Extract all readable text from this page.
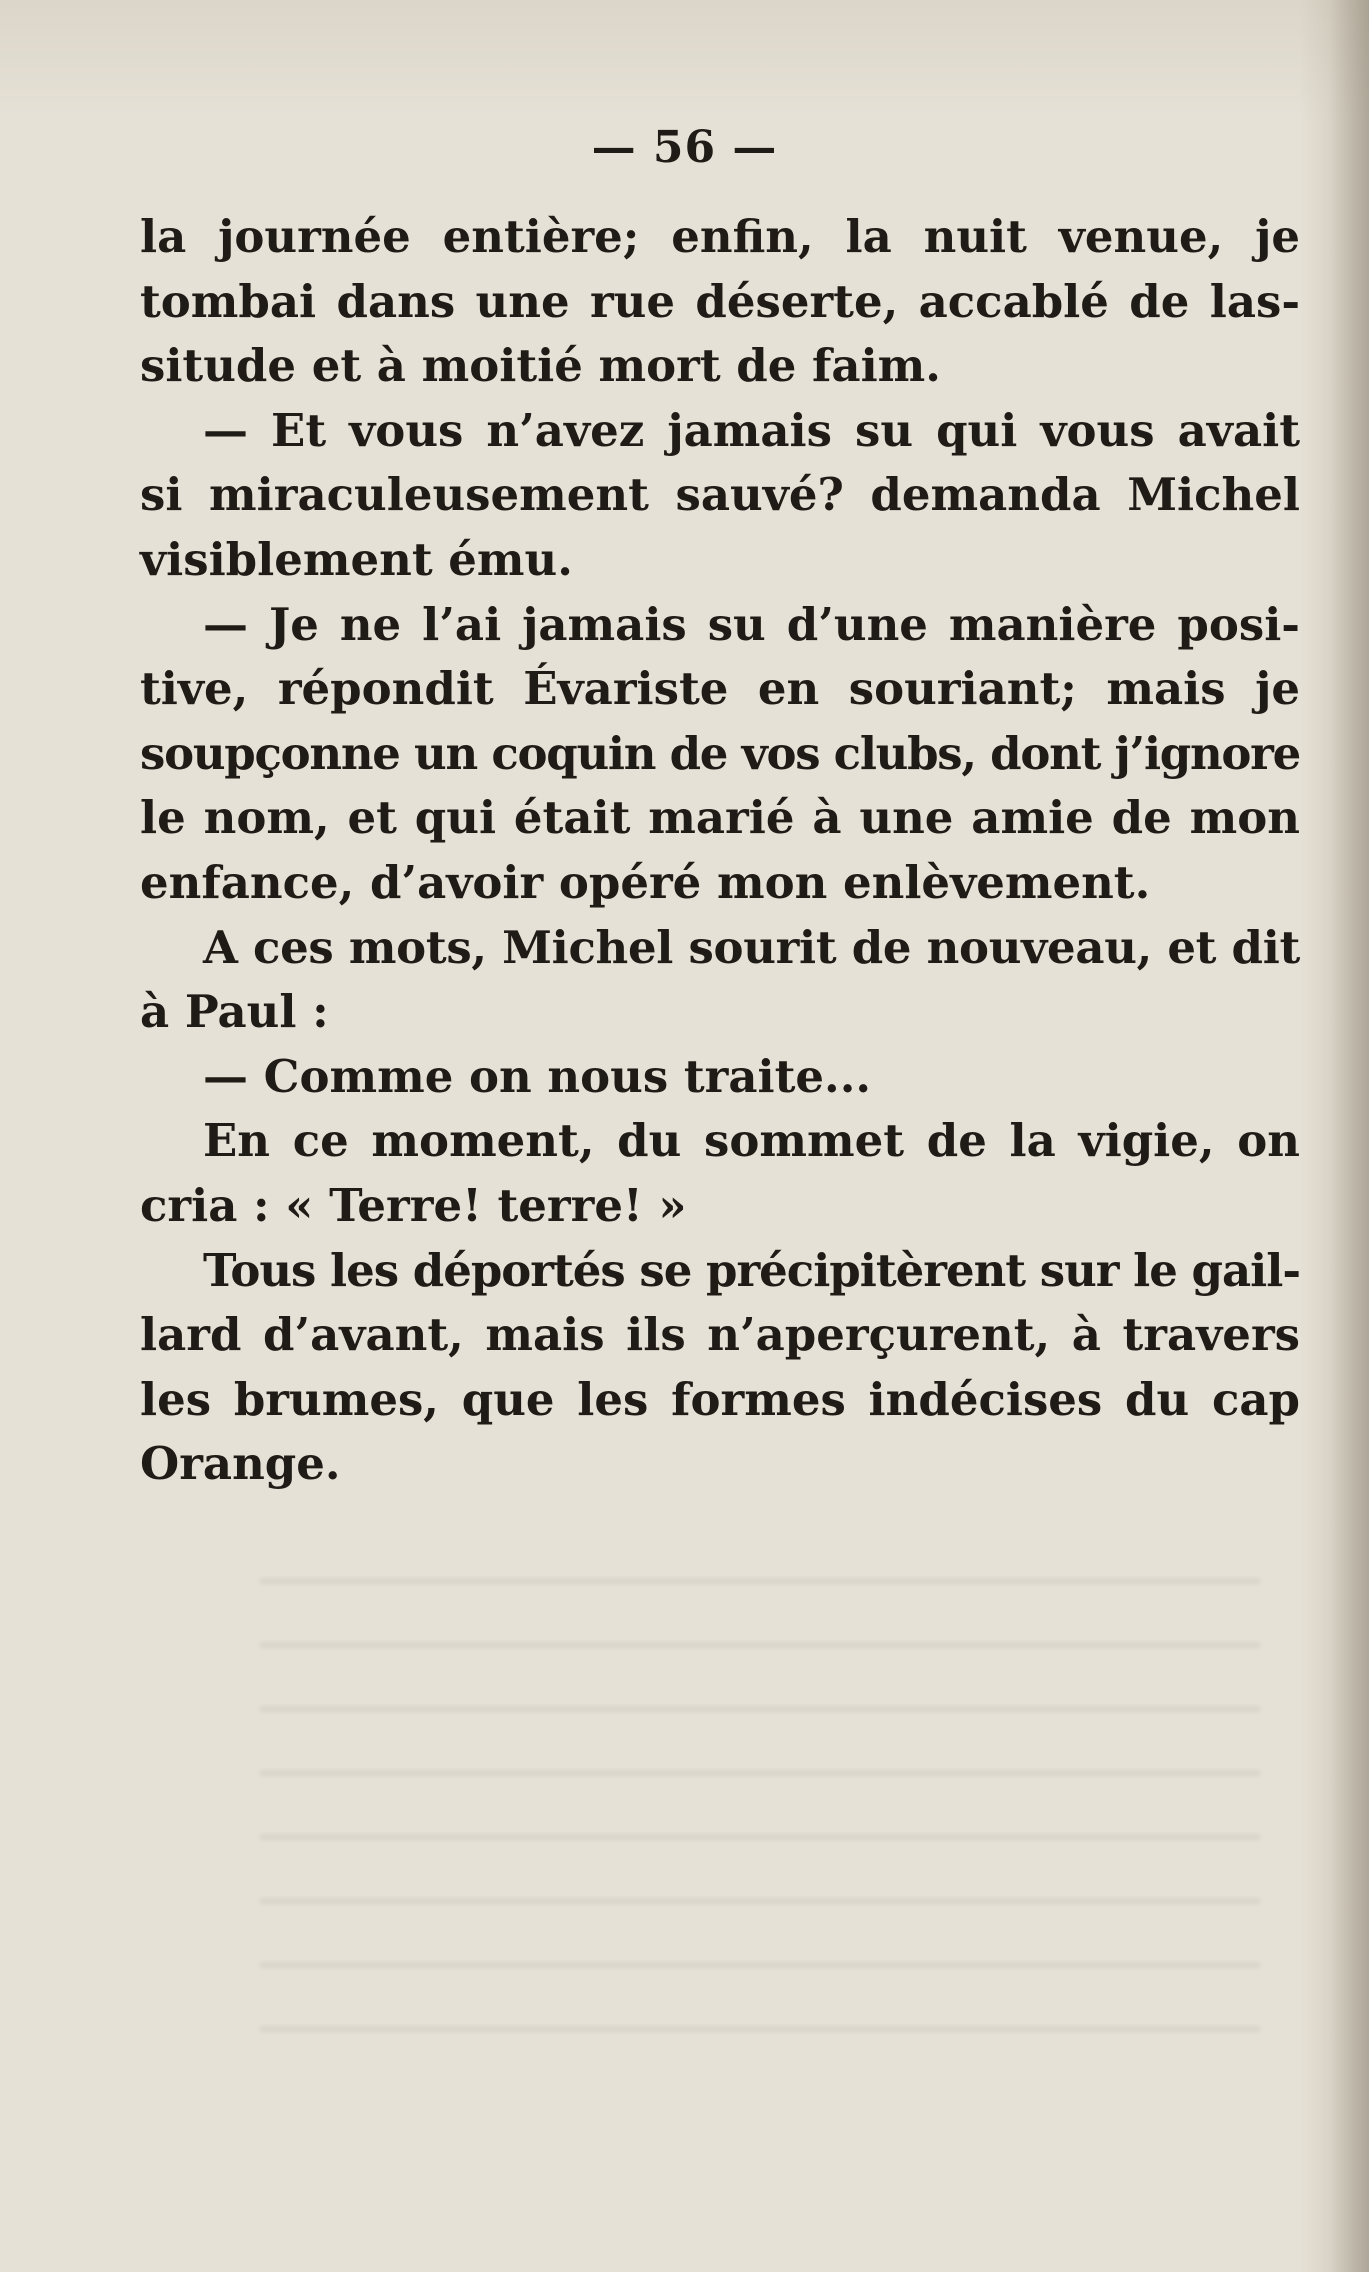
— 56 —
la journée entière; enfin, la nuit venue, je
tombai dans une rue déserte, accablé de las-
situde et à moitié mort de faim.
— Et vous n’avez jamais su qui vous avait
si miraculeusement sauvé? demanda Michel
visiblement ému.
— Je ne l’ai jamais su d’une manière posi-
tive, répondit Évariste en souriant; mais je
soupçonne un coquin de vos clubs, dont j’ignore
le nom, et qui était marié à une amie de mon
enfance, d’avoir opéré mon enlèvement.
A ces mots, Michel sourit de nouveau, et dit
à Paul :
— Comme on nous traite...
En ce moment, du sommet de la vigie, on
cria : « Terre! terre! »
Tous les déportés se précipitèrent sur le gail-
lard d’avant, mais ils n’aperçurent, à travers
les brumes, que les formes indécises du cap
Orange.
